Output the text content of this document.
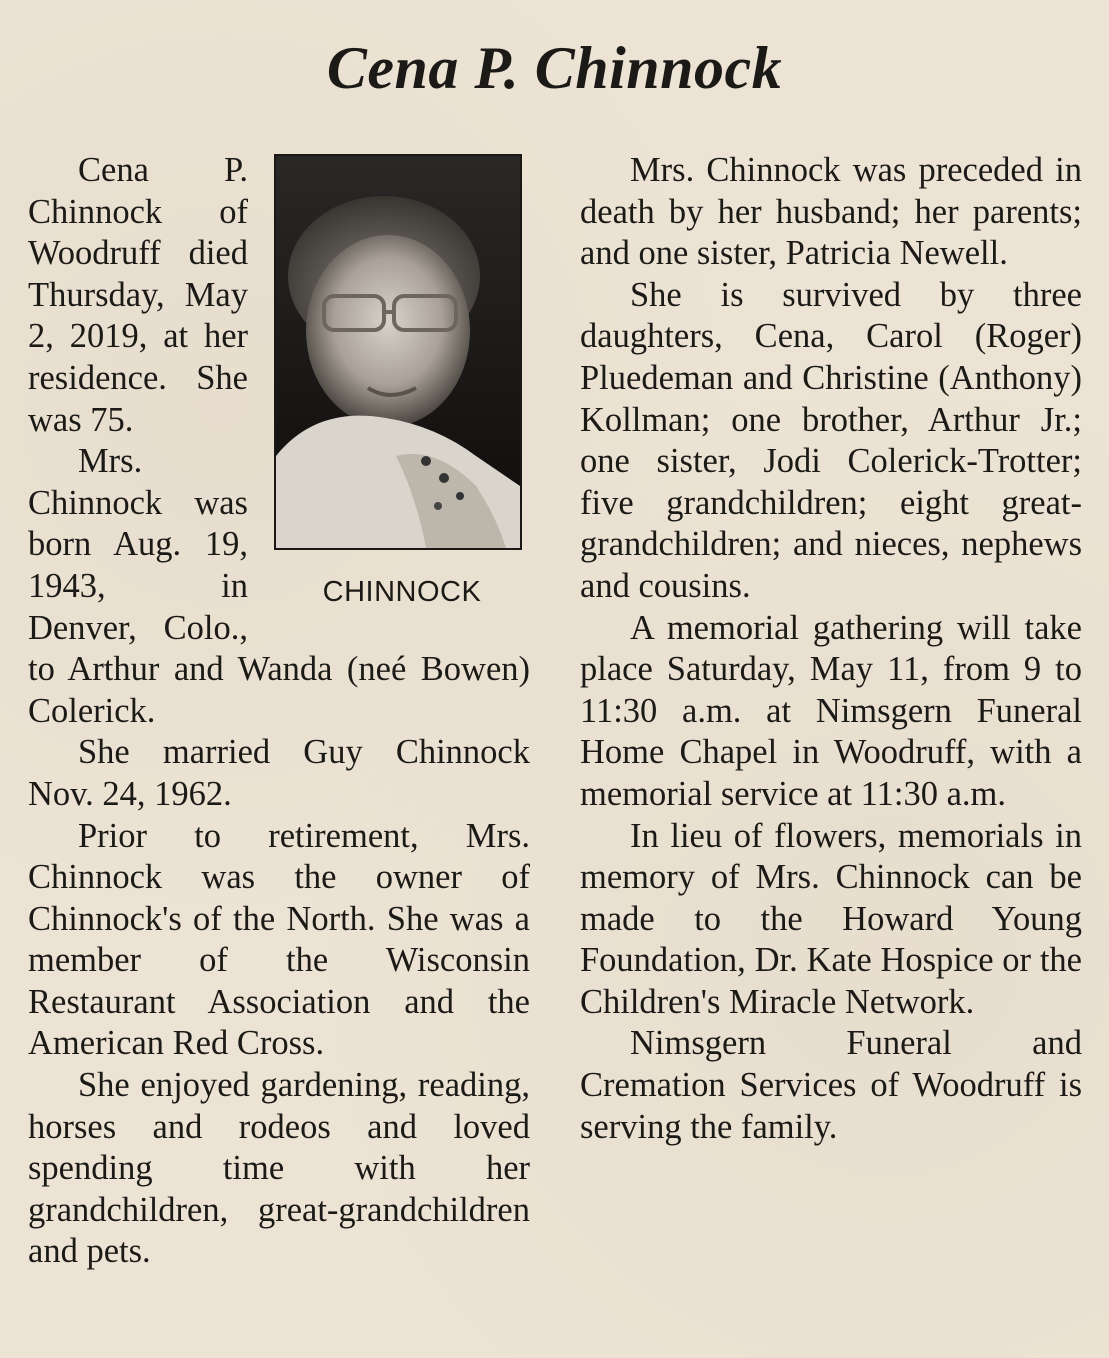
Cena P. Chinnock
CHINNOCK

Cena P. Chinnock of Woodruff died Thursday, May 2, 2019, at her residence. She was 75.

Mrs. Chinnock was born Aug. 19, 1943, in Denver, Colo., to Arthur and Wanda (neé Bowen) Colerick.

She married Guy Chinnock Nov. 24, 1962.

Prior to retirement, Mrs. Chinnock was the owner of Chinnock's of the North. She was a member of the Wisconsin Restaurant Association and the American Red Cross.

She enjoyed gardening, reading, horses and rodeos and loved spending time with her grandchildren, great-grandchildren and pets.

Mrs. Chinnock was preceded in death by her husband; her parents; and one sister, Patricia Newell.

She is survived by three daughters, Cena, Carol (Roger) Pluedeman and Christine (Anthony) Kollman; one brother, Arthur Jr.; one sister, Jodi Colerick-Trotter; five grandchildren; eight great-grandchildren; and nieces, nephews and cousins.

A memorial gathering will take place Saturday, May 11, from 9 to 11:30 a.m. at Nimsgern Funeral Home Chapel in Woodruff, with a memorial service at 11:30 a.m.

In lieu of flowers, memorials in memory of Mrs. Chinnock can be made to the Howard Young Foundation, Dr. Kate Hospice or the Children's Miracle Network.

Nimsgern Funeral and Cremation Services of Woodruff is serving the family.
